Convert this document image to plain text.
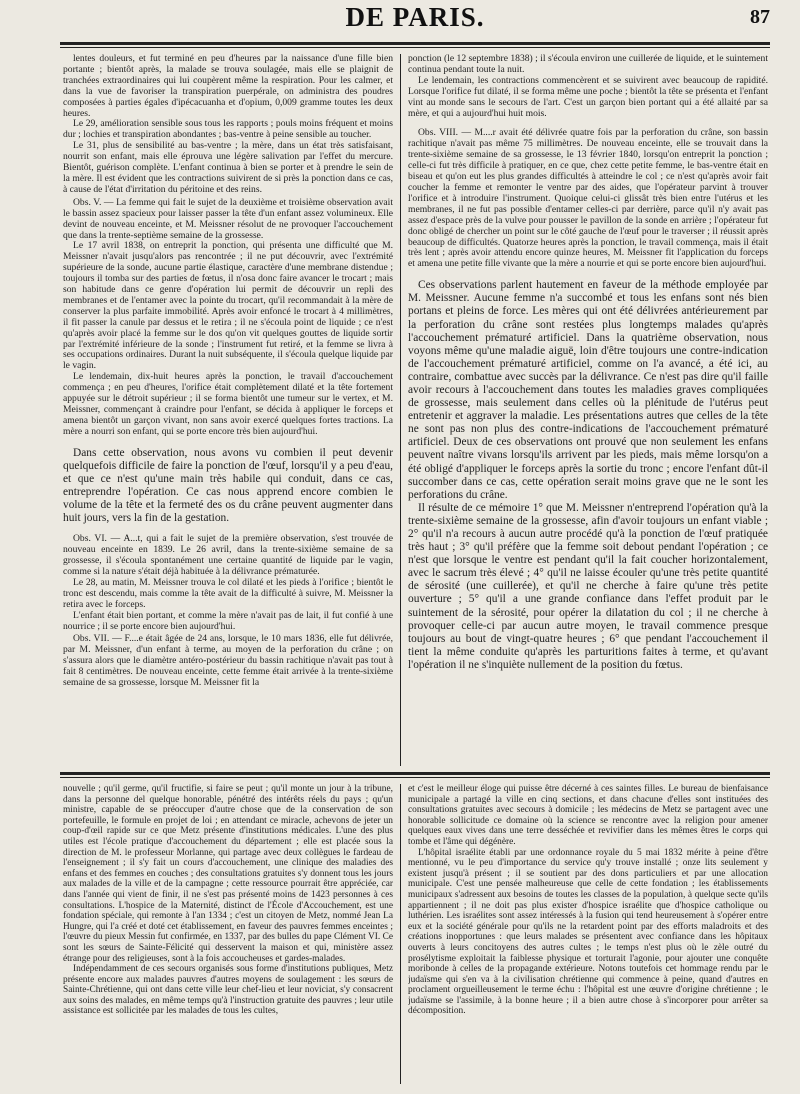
DE PARIS.	87

lentes douleurs, et fut terminé en peu d'heures par la naissance d'une fille bien portante ; bientôt après, la malade se trouva soulagée, mais elle se plaignit de tranchées extraordinaires qui lui coupèrent même la respiration. Pour les calmer, et dans la vue de favoriser la transpiration puerpérale, on administra des poudres composées à parties égales d'ipécacuanha et d'opium, 0,009 gramme toutes les deux heures.

Le 29, amélioration sensible sous tous les rapports ; pouls moins fréquent et moins dur ; lochies et transpiration abondantes ; bas-ventre à peine sensible au toucher.

Le 31, plus de sensibilité au bas-ventre ; la mère, dans un état très satisfaisant, nourrit son enfant, mais elle éprouva une légère salivation par l'effet du mercure. Bientôt, guérison complète. L'enfant continua à bien se porter et à prendre le sein de la mère. Il est évident que les contractions suivirent de si près la ponction dans ce cas, à cause de l'état d'irritation du péritoine et des reins.

Obs. V. — La femme qui fait le sujet de la deuxième et troisième observation avait le bassin assez spacieux pour laisser passer la tête d'un enfant assez volumineux. Elle devint de nouveau enceinte, et M. Meissner résolut de ne provoquer l'accouchement que dans la trente-septième semaine de la grossesse.

Le 17 avril 1838, on entreprit la ponction, qui présenta une difficulté que M. Meissner n'avait jusqu'alors pas rencontrée ; il ne put découvrir, avec l'extrémité supérieure de la sonde, aucune partie élastique, caractère d'une membrane distendue ; toujours il tomba sur des parties de fœtus, il n'osa donc faire avancer le trocart ; mais son habitude dans ce genre d'opération lui permit de découvrir un repli des membranes et de l'entamer avec la pointe du trocart, qu'il recommandait à la mère de conserver la plus parfaite immobilité. Après avoir enfoncé le trocart à 4 millimètres, il fit passer la canule par dessus et le retira ; il ne s'écoula point de liquide ; ce n'est qu'après avoir placé la femme sur le dos qu'on vit quelques gouttes de liquide sortir par l'extrémité inférieure de la sonde ; l'instrument fut retiré, et la femme se livra à ses occupations ordinaires. Durant la nuit subséquente, il s'écoula quelque liquide par le vagin.

Le lendemain, dix-huit heures après la ponction, le travail d'accouchement commença ; en peu d'heures, l'orifice était complètement dilaté et la tête fortement appuyée sur le détroit supérieur ; il se forma bientôt une tumeur sur le vertex, et M. Meissner, commençant à craindre pour l'enfant, se décida à appliquer le forceps et amena bientôt un garçon vivant, non sans avoir exercé quelques fortes tractions. La mère a nourri son enfant, qui se porte encore très bien aujourd'hui.

Dans cette observation, nous avons vu combien il peut devenir quelquefois difficile de faire la ponction de l'œuf, lorsqu'il y a peu d'eau, et que ce n'est qu'une main très habile qui conduit, dans ce cas, entreprendre l'opération. Ce cas nous apprend encore combien le volume de la tête et la fermeté des os du crâne peuvent augmenter dans huit jours, vers la fin de la gestation.

Obs. VI. — A...t, qui a fait le sujet de la première observation, s'est trouvée de nouveau enceinte en 1839. Le 26 avril, dans la trente-sixième semaine de sa grossesse, il s'écoula spontanément une certaine quantité de liquide par le vagin, comme si la nature s'était déjà habituée à la délivrance prématurée.

Le 28, au matin, M. Meissner trouva le col dilaté et les pieds à l'orifice ; bientôt le tronc est descendu, mais comme la tête avait de la difficulté à suivre, M. Meissner la retira avec le forceps.

L'enfant était bien portant, et comme la mère n'avait pas de lait, il fut confié à une nourrice ; il se porte encore bien aujourd'hui.

Obs. VII. — F....e était âgée de 24 ans, lorsque, le 10 mars 1836, elle fut délivrée, par M. Meissner, d'un enfant à terme, au moyen de la perforation du crâne ; on s'assura alors que le diamètre antéro-postérieur du bassin rachitique n'avait pas tout à fait 8 centimètres. De nouveau enceinte, cette femme était arrivée à la trente-sixième semaine de sa grossesse, lorsque M. Meissner fit la

ponction (le 12 septembre 1838) ; il s'écoula environ une cuillerée de liquide, et le suintement continua pendant toute la nuit.

Le lendemain, les contractions commencèrent et se suivirent avec beaucoup de rapidité. Lorsque l'orifice fut dilaté, il se forma même une poche ; bientôt la tête se présenta et l'enfant vint au monde sans le secours de l'art. C'est un garçon bien portant qui a été allaité par sa mère, et qui a aujourd'hui huit mois.

Obs. VIII. — M....r avait été délivrée quatre fois par la perforation du crâne, son bassin rachitique n'avait pas même 75 millimètres. De nouveau enceinte, elle se trouvait dans la trente-sixième semaine de sa grossesse, le 13 février 1840, lorsqu'on entreprit la ponction ; celle-ci fut très difficile à pratiquer, en ce que, chez cette petite femme, le bas-ventre était en biseau et qu'on eut les plus grandes difficultés à atteindre le col ; ce n'est qu'après avoir fait coucher la femme et remonter le ventre par des aides, que l'opérateur parvint à trouver l'orifice et à introduire l'instrument. Quoique celui-ci glissât très bien entre l'utérus et les membranes, il ne fut pas possible d'entamer celles-ci par derrière, parce qu'il n'y avait pas assez d'espace près de la vulve pour pousser le pavillon de la sonde en arrière ; l'opérateur fut donc obligé de chercher un point sur le côté gauche de l'œuf pour le traverser ; il réussit après beaucoup de difficultés. Quatorze heures après la ponction, le travail commença, mais il était très lent ; après avoir attendu encore quinze heures, M. Meissner fit l'application du forceps et amena une petite fille vivante que la mère a nourrie et qui se porte encore bien aujourd'hui.

Ces observations parlent hautement en faveur de la méthode employée par M. Meissner. Aucune femme n'a succombé et tous les enfans sont nés bien portans et pleins de force. Les mères qui ont été délivrées antérieurement par la perforation du crâne sont restées plus longtemps malades qu'après l'accouchement prématuré artificiel. Dans la quatrième observation, nous voyons même qu'une maladie aiguë, loin d'être toujours une contre-indication de l'accouchement prématuré artificiel, comme on l'a avancé, a été ici, au contraire, combattue avec succès par la délivrance. Ce n'est pas dire qu'il faille avoir recours à l'accouchement dans toutes les maladies graves compliquées de grossesse, mais seulement dans celles où la plénitude de l'utérus peut entretenir et aggraver la maladie. Les présentations autres que celles de la tête ne sont pas non plus des contre-indications de l'accouchement prématuré artificiel. Deux de ces observations ont prouvé que non seulement les enfans peuvent naître vivans lorsqu'ils arrivent par les pieds, mais même lorsqu'on a été obligé d'appliquer le forceps après la sortie du tronc ; encore l'enfant dût-il succomber dans ce cas, cette opération serait moins grave que ne le sont les perforations du crâne.

Il résulte de ce mémoire 1° que M. Meissner n'entreprend l'opération qu'à la trente-sixième semaine de la grossesse, afin d'avoir toujours un enfant viable ; 2° qu'il n'a recours à aucun autre procédé qu'à la ponction de l'œuf pratiquée très haut ; 3° qu'il préfère que la femme soit debout pendant l'opération ; ce n'est que lorsque le ventre est pendant qu'il la fait coucher horizontalement, avec le sacrum très élevé ; 4° qu'il ne laisse écouler qu'une très petite quantité de sérosité (une cuillerée), et qu'il ne cherche à faire qu'une très petite ouverture ; 5° qu'il a une grande confiance dans l'effet produit par le suintement de la sérosité, pour opérer la dilatation du col ; il ne cherche à provoquer celle-ci par aucun autre moyen, le travail commence presque toujours au bout de vingt-quatre heures ; 6° que pendant l'accouchement il tient la même conduite qu'après les parturitions faites à terme, et qu'avant l'opération il ne s'inquiète nullement de la position du fœtus.

nouvelle ; qu'il germe, qu'il fructifie, si faire se peut ; qu'il monte un jour à la tribune, dans la personne del quelque honorable, pénétré des intérêts réels du pays ; qu'un ministre, capable de se préoccuper d'autre chose que de la conservation de son portefeuille, le formule en projet de loi ; en attendant ce miracle, achevons de jeter un coup-d'œil rapide sur ce que Metz présente d'institutions médicales. L'une des plus utiles est l'école pratique d'accouchement du département ; elle est placée sous la direction de M. le professeur Morlanne, qui partage avec deux collègues le fardeau de l'enseignement ; il s'y fait un cours d'accouchement, une clinique des maladies des enfans et des femmes en couches ; des consultations gratuites s'y donnent tous les jours aux malades de la ville et de la campagne ; cette ressource pourrait être appréciée, car dans l'année qui vient de finir, il ne s'est pas présenté moins de 1423 personnes à ces consultations. L'hospice de la Maternité, distinct de l'École d'Accouchement, est une fondation spéciale, qui remonte à l'an 1334 ; c'est un citoyen de Metz, nommé Jean La Hungre, qui l'a créé et doté cet établissement, en faveur des pauvres femmes enceintes ; l'œuvre du pieux Messin fut confirmée, en 1337, par des bulles du pape Clément VI. Ce sont les sœurs de Sainte-Félicité qui desservent la maison et qui, ministère assez étrange pour des religieuses, sont à la fois accoucheuses et gardes-malades.

Indépendamment de ces secours organisés sous forme d'institutions publiques, Metz présente encore aux malades pauvres d'autres moyens de soulagement : les sœurs de Sainte-Chrétienne, qui ont dans cette ville leur chef-lieu et leur noviciat, s'y consacrent aux soins des malades, en même temps qu'à l'instruction gratuite des pauvres ; leur utile assistance est sollicitée par les malades de tous les cultes,

et c'est le meilleur éloge qui puisse être décerné à ces saintes filles. Le bureau de bienfaisance municipale a partagé la ville en cinq sections, et dans chacune d'elles sont instituées des consultations gratuites avec secours à domicile ; les médecins de Metz se partagent avec une honorable sollicitude ce domaine où la science se rencontre avec la religion pour amener quelques eaux vives dans une terre desséchée et revivifier dans les mêmes êtres le corps qui tombe et l'âme qui dégénère.

L'hôpital israélite établi par une ordonnance royale du 5 mai 1832 mérite à peine d'être mentionné, vu le peu d'importance du service qu'y trouve installé ; onze lits seulement y existent jusqu'à présent ; il se soutient par des dons particuliers et par une allocation municipale. C'est une pensée malheureuse que celle de cette fondation ; les établissements municipaux s'adressent aux besoins de toutes les classes de la population, à quelque secte qu'ils appartiennent ; il ne doit pas plus exister d'hospice israélite que d'hospice catholique ou luthérien. Les israélites sont assez intéressés à la fusion qui tend heureusement à s'opérer entre eux et la société générale pour qu'ils ne la retardent point par des efforts maladroits et des créations inopportunes : que leurs malades se présentent avec confiance dans les hôpitaux ouverts à leurs concitoyens des autres cultes ; le temps n'est plus où le zèle outré du prosélytisme exploitait la faiblesse physique et torturait l'agonie, pour ajouter une conquête moribonde à celles de la propagande extérieure. Notons toutefois cet hommage rendu par le judaïsme qui s'en va à la civilisation chrétienne qui commence à peine, quand d'autres en proclament orgueilleusement le terme échu : l'hôpital est une œuvre d'origine chrétienne ; le judaïsme se l'assimile, à la bonne heure ; il a bien autre chose à s'incorporer pour arrêter sa décomposition.
